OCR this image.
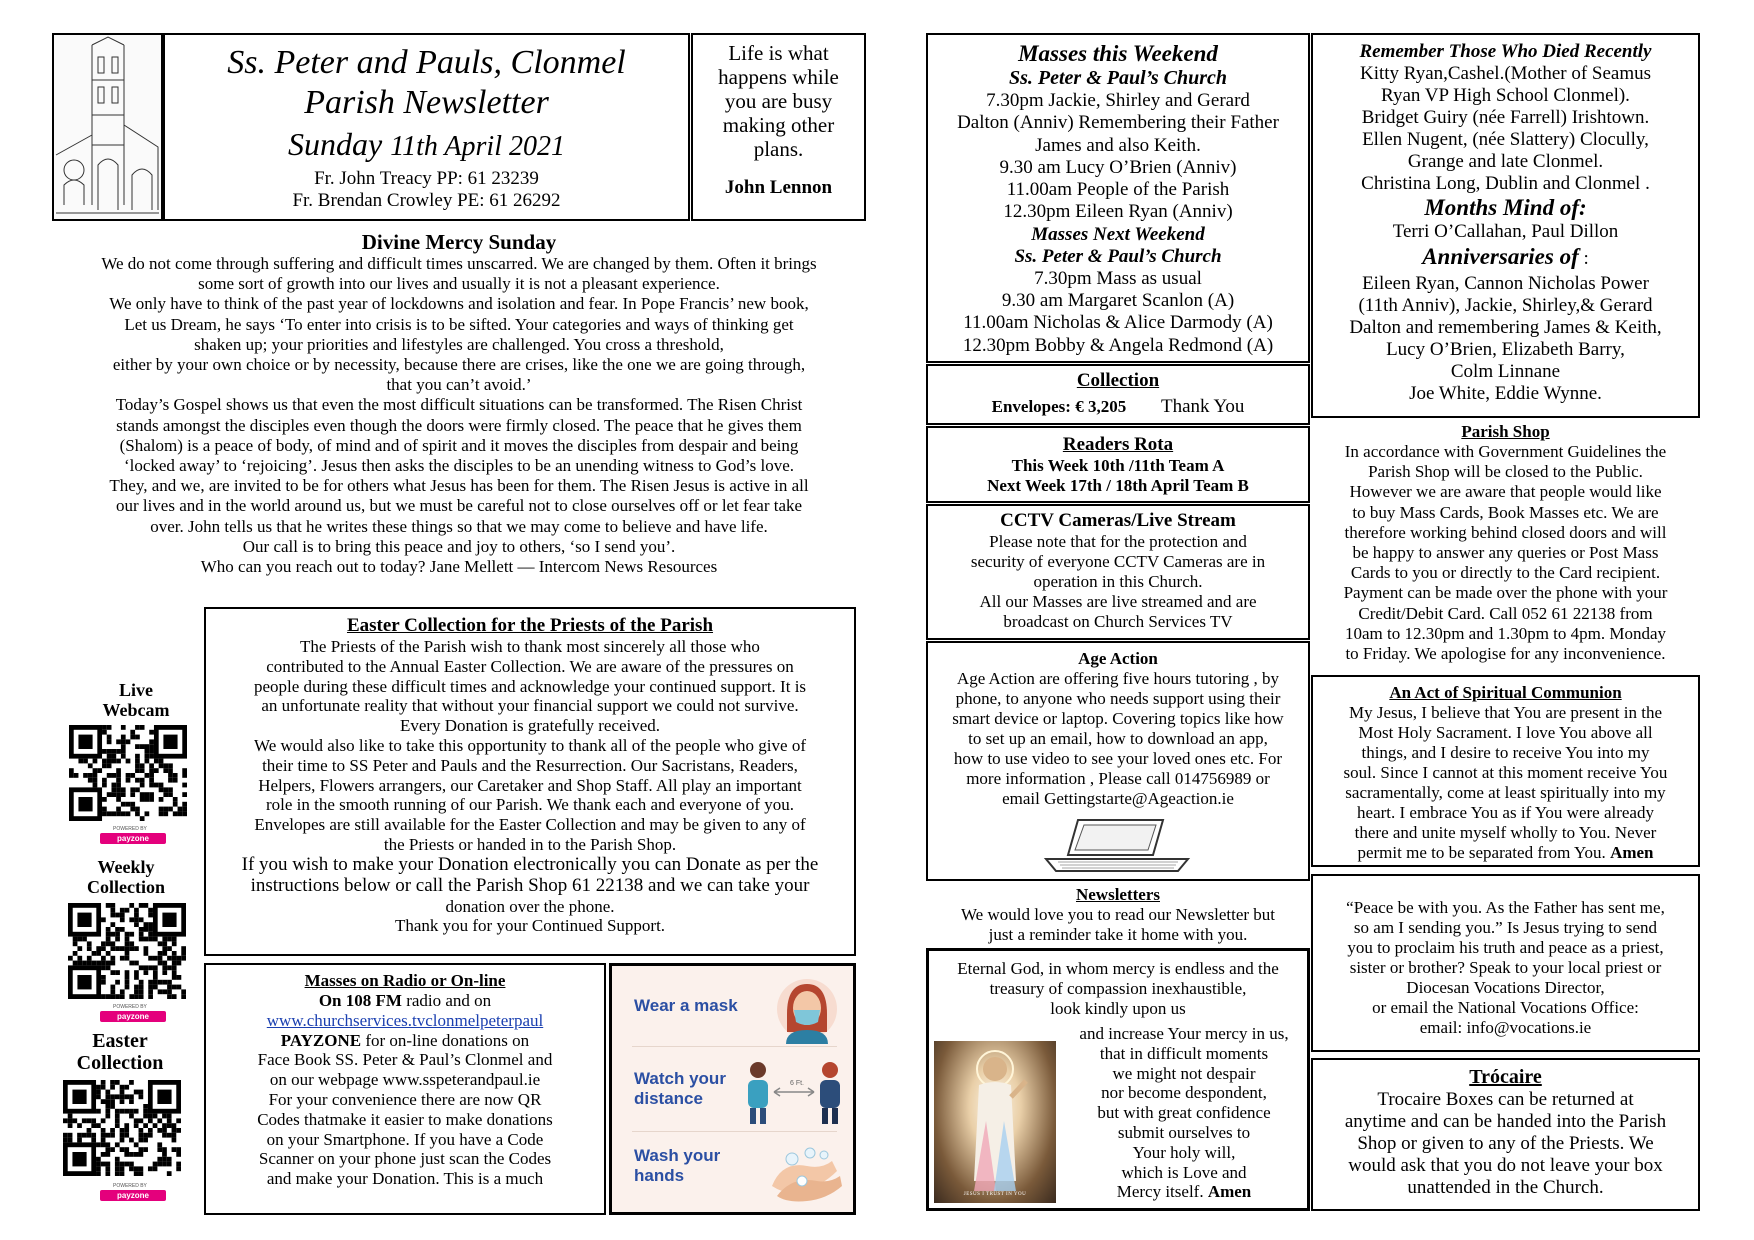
Ss. Peter and Pauls, Clonmel
Parish Newsletter
Sunday 11th April 2021
Fr. John Treacy PP: 61 23239
Fr. Brendan Crowley PE: 61 26292
Life is what
happens while
you are busy
making other
plans.
John Lennon
Divine Mercy Sunday
We do not come through suffering and difficult times unscarred. We are changed by them. Often it brings
some sort of growth into our lives and usually it is not a pleasant experience.
We only have to think of the past year of lockdowns and isolation and fear. In Pope Francis’ new book,
Let us Dream, he says ‘To enter into crisis is to be sifted. Your categories and ways of thinking get
shaken up; your priorities and lifestyles are challenged. You cross a threshold,
either by your own choice or by necessity, because there are crises, like the one we are going through,
that you can’t avoid.’
Today’s Gospel shows us that even the most difficult situations can be transformed. The Risen Christ
stands amongst the disciples even though the doors were firmly closed. The peace that he gives them
(Shalom) is a peace of body, of mind and of spirit and it moves the disciples from despair and being
‘locked away’ to ‘rejoicing’. Jesus then asks the disciples to be an unending witness to God’s love.
They, and we, are invited to be for others what Jesus has been for them. The Risen Jesus is active in all
our lives and in the world around us, but we must be careful not to close ourselves off or let fear take
over. John tells us that he writes these things so that we may come to believe and have life.
Our call is to bring this peace and joy to others, ‘so I send you’.
Who can you reach out to today? Jane Mellett — Intercom News Resources
Live
Webcam
POWERED BY
payzone
Weekly
Collection
POWERED BY
payzone
Easter
Collection
POWERED BY
payzone
Easter Collection for the Priests of the Parish
The Priests of the Parish wish to thank most sincerely all those who
contributed to the Annual Easter Collection. We are aware of the pressures on
people during these difficult times and acknowledge your continued support. It is
an unfortunate reality that without your financial support we could not survive.
Every Donation is gratefully received.
We would also like to take this opportunity to thank all of the people who give of
their time to SS Peter and Pauls and the Resurrection. Our Sacristans, Readers,
Helpers, Flowers arrangers, our Caretaker and Shop Staff. All play an important
role in the smooth running of our Parish. We thank each and everyone of you.
Envelopes are still available for the Easter Collection and may be given to any of
the Priests or handed in to the Parish Shop.
If you wish to make your Donation electronically you can Donate as per the
instructions below or call the Parish Shop 61 22138 and we can take your
donation over the phone.
Thank you for your Continued Support.
Masses on Radio or On-line
On 108 FM radio and on
www.churchservices.tvclonmelpeterpaul
PAYZONE for on-line donations on
Face Book SS. Peter & Paul’s Clonmel and
on our webpage www.sspeterandpaul.ie
For your convenience there are now QR
Codes thatmake it easier to make donations
on your Smartphone. If you have a Code
Scanner on your phone just scan the Codes
and make your Donation. This is a much
Wear a mask
Watch your
distance
6 Ft.
Wash your
hands
Masses this Weekend
Ss. Peter & Paul’s Church
7.30pm Jackie, Shirley and Gerard
Dalton (Anniv) Remembering their Father
James and also Keith.
9.30 am Lucy O’Brien (Anniv)
11.00am People of the Parish
12.30pm Eileen Ryan (Anniv)
Masses Next Weekend
Ss. Peter & Paul’s Church
7.30pm Mass as usual
9.30 am Margaret Scanlon (A)
11.00am Nicholas & Alice Darmody (A)
12.30pm Bobby & Angela Redmond (A)
Collection
Envelopes: € 3,205 Thank You
Readers Rota
This Week 10th /11th Team A
Next Week 17th / 18th April Team B
CCTV Cameras/Live Stream
Please note that for the protection and
security of everyone CCTV Cameras are in
operation in this Church.
All our Masses are live streamed and are
broadcast on Church Services TV
Age Action
Age Action are offering five hours tutoring , by
phone, to anyone who needs support using their
smart device or laptop. Covering topics like how
to set up an email, how to download an app,
how to use video to see your loved ones etc. For
more information , Please call 014756989 or
email Gettingstarte@Ageaction.ie
Newsletters
We would love you to read our Newsletter but
just a reminder take it home with you.
Eternal God, in whom mercy is endless and the
treasury of compassion inexhaustible,
look kindly upon us
JESUS I TRUST IN YOU
and increase Your mercy in us,
that in difficult moments
we might not despair
nor become despondent,
but with great confidence
submit ourselves to
Your holy will,
which is Love and
Mercy itself. Amen
Remember Those Who Died Recently
Kitty Ryan,Cashel.(Mother of Seamus
Ryan VP High School Clonmel).
Bridget Guiry (née Farrell) Irishtown.
Ellen Nugent, (née Slattery) Clocully,
Grange and late Clonmel.
Christina Long, Dublin and Clonmel .
Months Mind of:
Terri O’Callahan, Paul Dillon
Anniversaries of :
Eileen Ryan, Cannon Nicholas Power
(11th Anniv), Jackie, Shirley,& Gerard
Dalton and remembering James & Keith,
Lucy O’Brien, Elizabeth Barry,
Colm Linnane
Joe White, Eddie Wynne.
Parish Shop
In accordance with Government Guidelines the
Parish Shop will be closed to the Public.
However we are aware that people would like
to buy Mass Cards, Book Masses etc. We are
therefore working behind closed doors and will
be happy to answer any queries or Post Mass
Cards to you or directly to the Card recipient.
Payment can be made over the phone with your
Credit/Debit Card. Call 052 61 22138 from
10am to 12.30pm and 1.30pm to 4pm. Monday
to Friday. We apologise for any inconvenience.
An Act of Spiritual Communion
My Jesus, I believe that You are present in the
Most Holy Sacrament. I love You above all
things, and I desire to receive You into my
soul. Since I cannot at this moment receive You
sacramentally, come at least spiritually into my
heart. I embrace You as if You were already
there and unite myself wholly to You. Never
permit me to be separated from You. Amen
“Peace be with you. As the Father has sent me,
so am I sending you.” Is Jesus trying to send
you to proclaim his truth and peace as a priest,
sister or brother? Speak to your local priest or
Diocesan Vocations Director,
or email the National Vocations Office:
email: info@vocations.ie
Trócaire
Trocaire Boxes can be returned at
anytime and can be handed into the Parish
Shop or given to any of the Priests. We
would ask that you do not leave your box
unattended in the Church.
